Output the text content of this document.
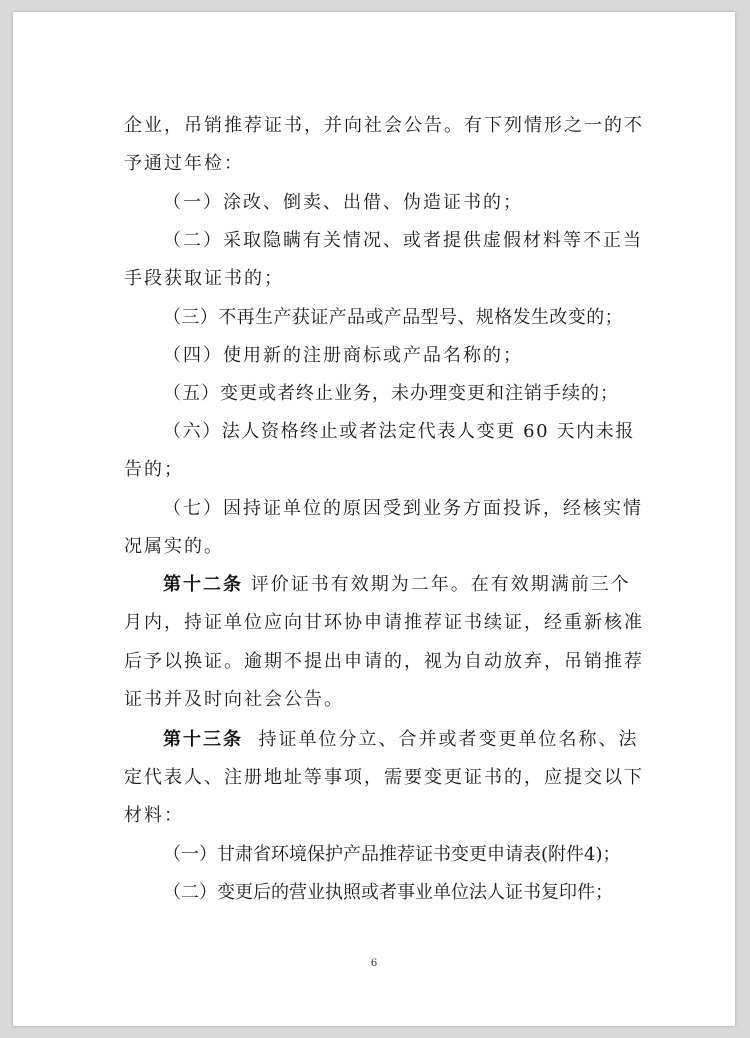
企业，吊销推荐证书，并向社会公告。有下列情形之一的不
予通过年检：
（一）涂改、倒卖、出借、伪造证书的；
（二）采取隐瞒有关情况、或者提供虚假材料等不正当
手段获取证书的；
（三）不再生产获证产品或产品型号、规格发生改变的；
（四）使用新的注册商标或产品名称的；
（五）变更或者终止业务，未办理变更和注销手续的；
（六）法人资格终止或者法定代表人变更 60 天内未报
告的；
（七）因持证单位的原因受到业务方面投诉，经核实情
况属实的。
第十二条 评价证书有效期为二年。在有效期满前三个
月内，持证单位应向甘环协申请推荐证书续证，经重新核准
后予以换证。逾期不提出申请的，视为自动放弃，吊销推荐
证书并及时向社会公告。
第十三条  持证单位分立、合并或者变更单位名称、法
定代表人、注册地址等事项，需要变更证书的，应提交以下
材料：
（一）甘肃省环境保护产品推荐证书变更申请表(附件4)；
（二）变更后的营业执照或者事业单位法人证书复印件；
6
